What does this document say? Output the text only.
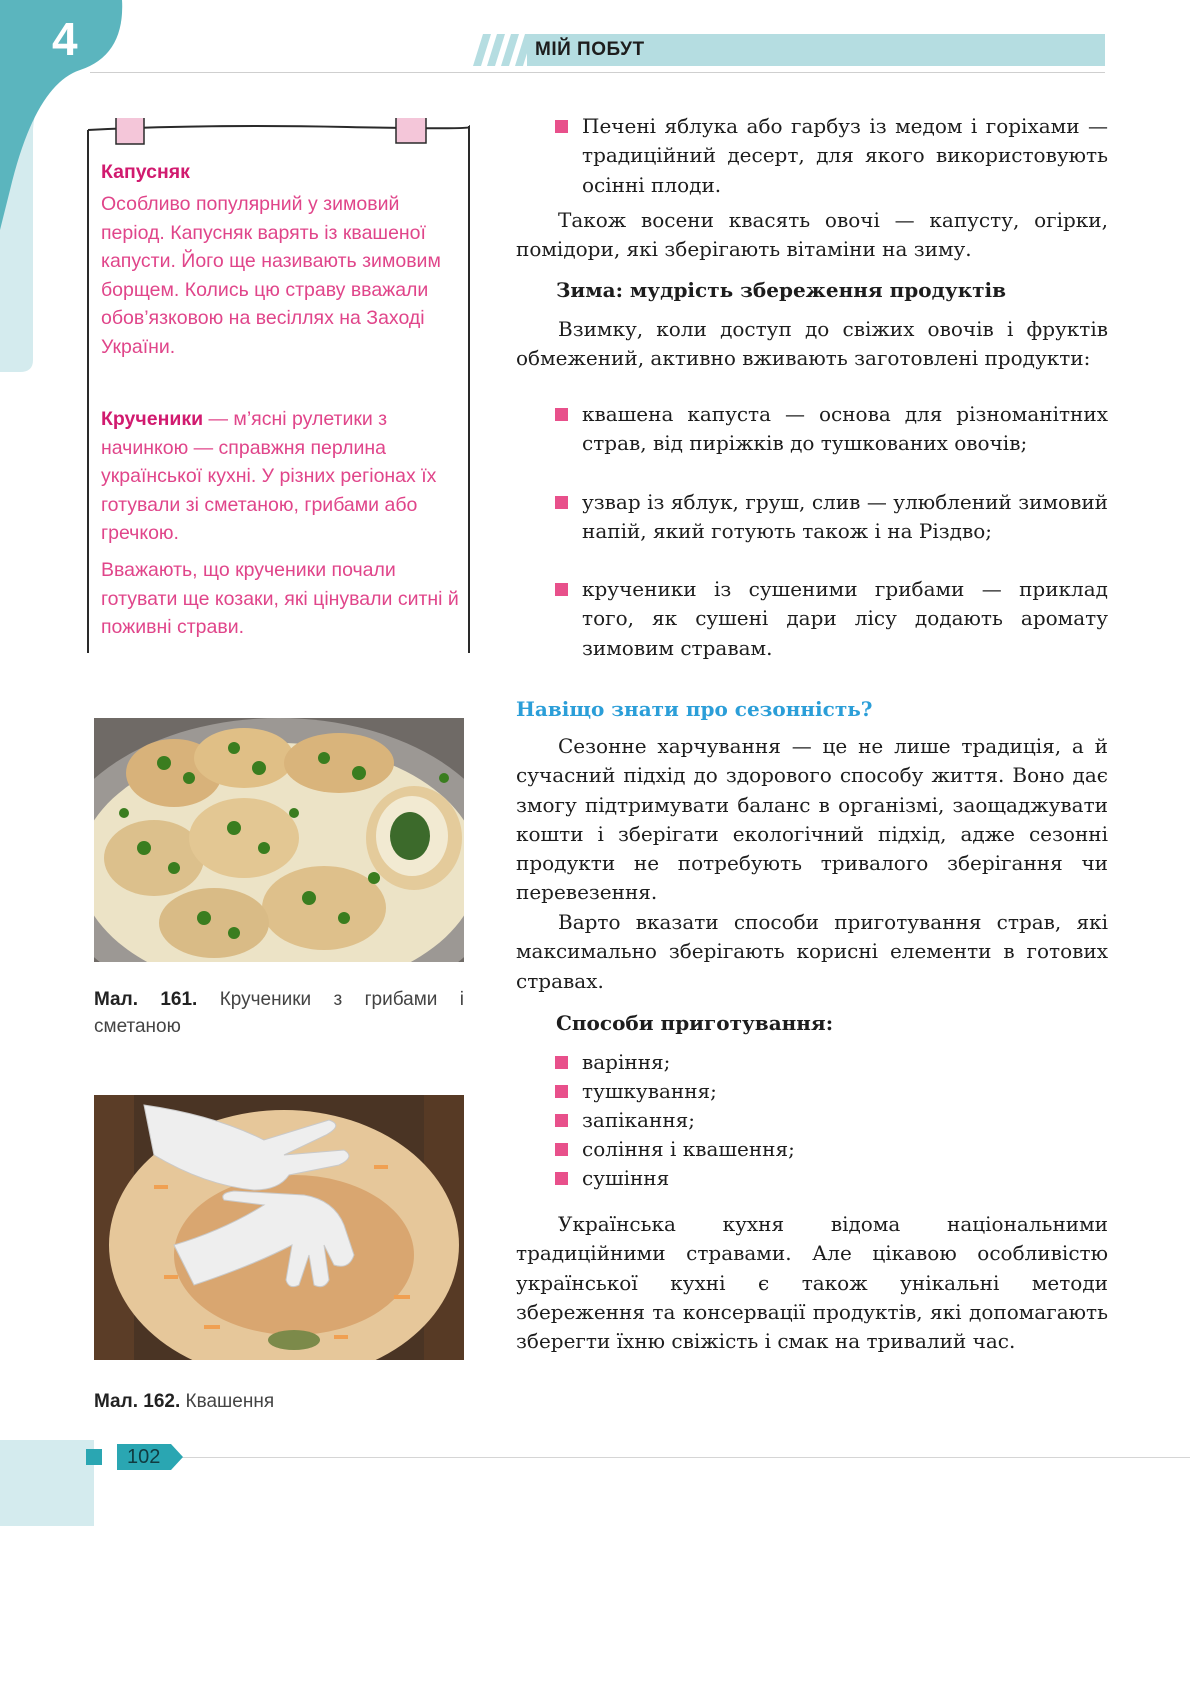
4	МІЙ ПОБУТ

Капусняк

Особливо популярний у зимовий період. Капусняк варять із квашеної капусти. Його ще називають зимовим борщем. Колись цю страву вважали обов’язковою на весіллях на Заході України.

Крученики — м’ясні рулетики з начинкою — справжня перлина української кухні. У різних регіонах їх готували зі сметаною, грибами або гречкою.

Вважають, що крученики почали готувати ще козаки, які цінували ситні й поживні страви.

Мал. 161. Крученики з грибами і сметаною

Мал. 162. Квашення

102

Печені яблука або гарбуз із медом і горіхами — традиційний десерт, для якого використовують осінні плоди.

Також восени квасять овочі — капусту, огірки, помідори, які зберігають вітаміни на зиму.

Зима: мудрість збереження продуктів

Взимку, коли доступ до свіжих овочів і фруктів обмежений, активно вживають заготовлені продукти:

квашена капуста — основа для різноманітних страв, від пиріжків до тушкованих овочів;

узвар із яблук, груш, слив — улюблений зимовий напій, який готують також і на Різдво;

крученики із сушеними грибами — приклад того, як сушені дари лісу додають аромату зимовим стравам.

Навіщо знати про сезонність?

Сезонне харчування — це не лише традиція, а й сучасний підхід до здорового способу життя. Воно дає змогу підтримувати баланс в організмі, заощаджувати кошти і зберігати екологічний підхід, адже сезонні продукти не потребують тривалого зберігання чи перевезення.

Варто вказати способи приготування страв, які максимально зберігають корисні елементи в готових стравах.

Способи приготування:

варіння;

тушкування;

запікання;

соління і квашення;

сушіння

Українська кухня відома національними традиційними стравами. Але цікавою особливістю української кухні є також унікальні методи збереження та консервації продуктів, які допомагають зберегти їхню свіжість і смак на тривалий час.
